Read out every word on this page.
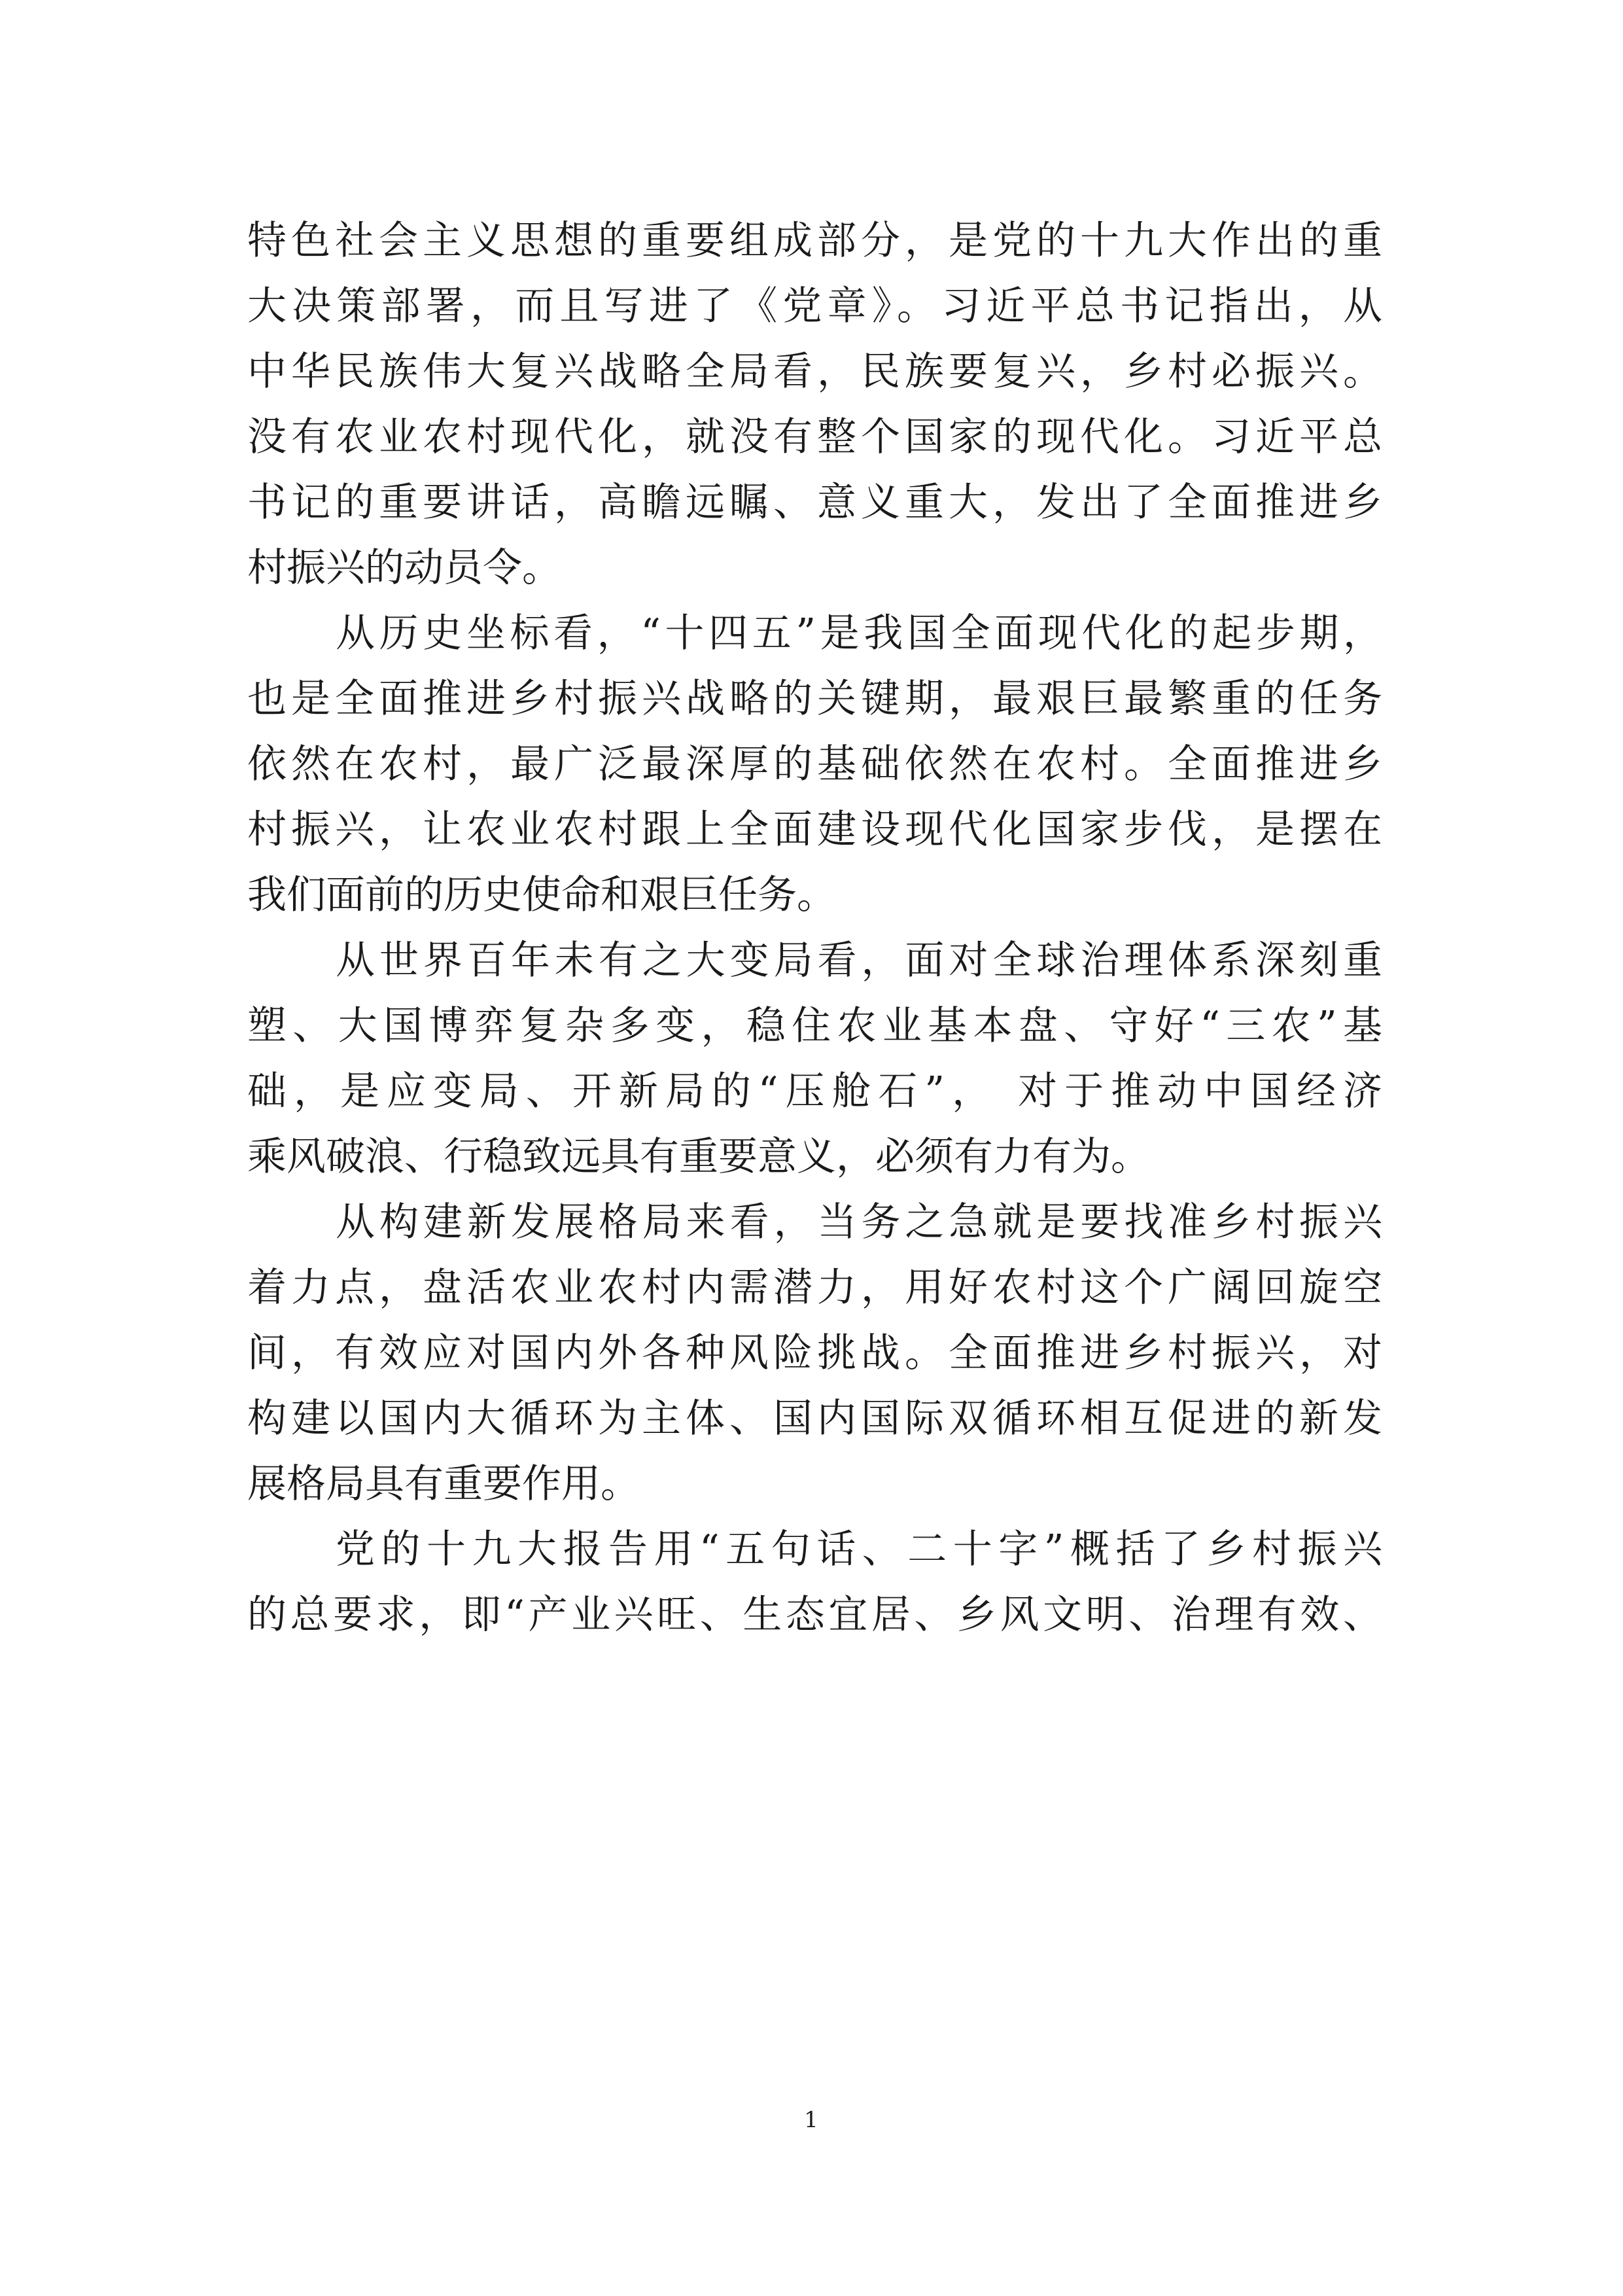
特色社会主义思想的重要组成部分，是党的十九大作出的重
大决策部署，而且写进了《党章》。习近平总书记指出，从
中华民族伟大复兴战略全局看，民族要复兴，乡村必振兴。
没有农业农村现代化，就没有整个国家的现代化。习近平总
书记的重要讲话，高瞻远瞩、意义重大，发出了全面推进乡
村振兴的动员令。
从历史坐标看，“十四五”是我国全面现代化的起步期，
也是全面推进乡村振兴战略的关键期，最艰巨最繁重的任务
依然在农村，最广泛最深厚的基础依然在农村。全面推进乡
村振兴，让农业农村跟上全面建设现代化国家步伐，是摆在
我们面前的历史使命和艰巨任务。
从世界百年未有之大变局看，面对全球治理体系深刻重
塑、大国博弈复杂多变，稳住农业基本盘、守好“三农”基
础，是应变局、开新局的“压舱石”， 对于推动中国经济
乘风破浪、行稳致远具有重要意义，必须有力有为。
从构建新发展格局来看，当务之急就是要找准乡村振兴
着力点，盘活农业农村内需潜力，用好农村这个广阔回旋空
间，有效应对国内外各种风险挑战。全面推进乡村振兴，对
构建以国内大循环为主体、国内国际双循环相互促进的新发
展格局具有重要作用。
党的十九大报告用“五句话、二十字”概括了乡村振兴
的总要求，即“产业兴旺、生态宜居、乡风文明、治理有效、
1
